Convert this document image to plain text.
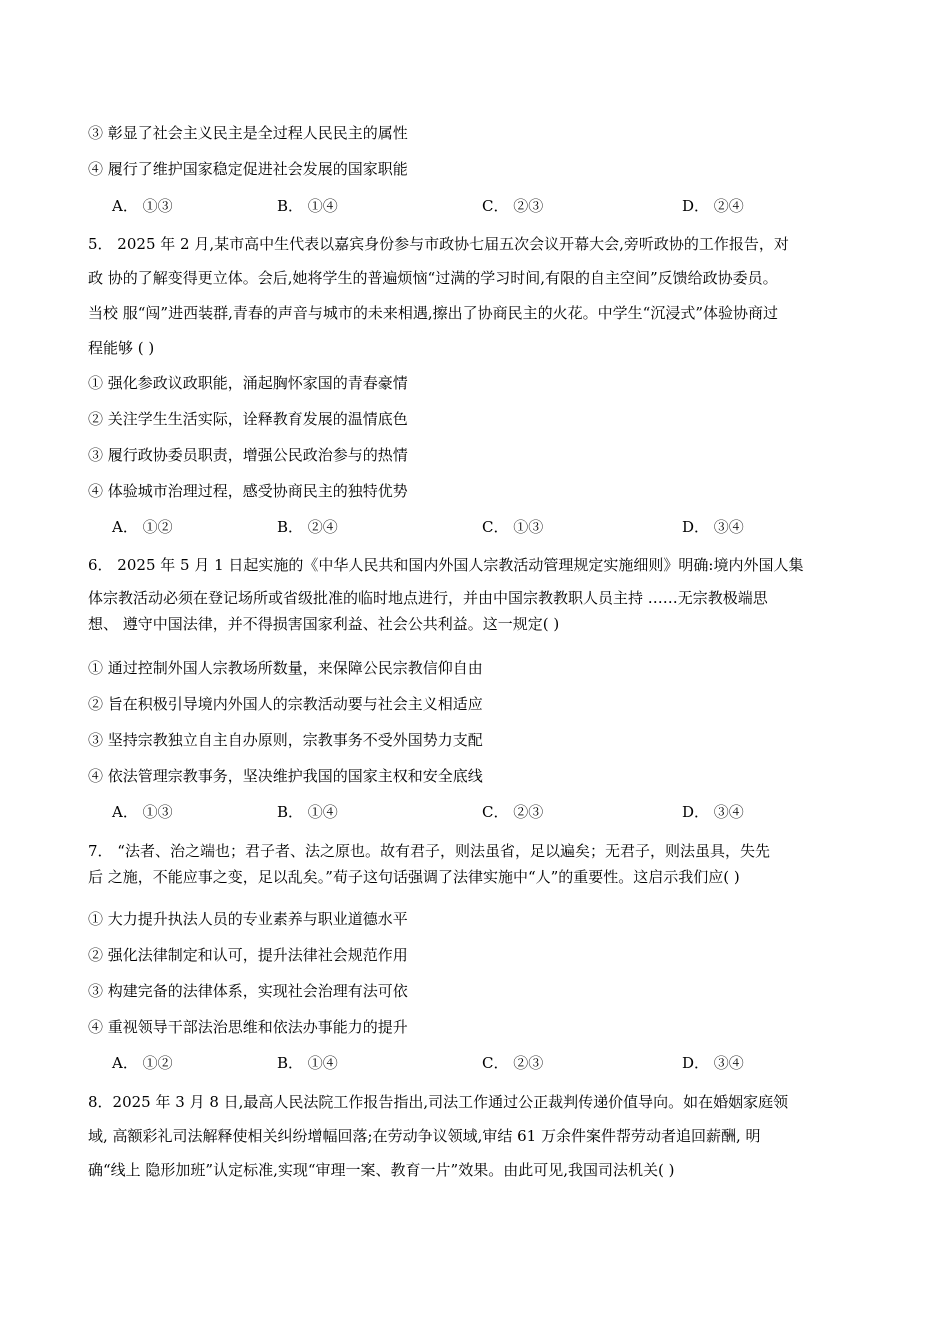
③ 彰显了社会主义民主是全过程人民民主的属性
④ 履行了维护国家稳定促进社会发展的国家职能
A． ①③	B． ①④	C． ②③	D． ②④
5． 2025 年 2 月,某市高中生代表以嘉宾身份参与市政协七届五次会议开幕大会,旁听政协的工作报告，对
政 协的了解变得更立体。会后,她将学生的普遍烦恼“过满的学习时间,有限的自主空间”反馈给政协委员。
当校 服“闯”进西装群,青春的声音与城市的未来相遇,擦出了协商民主的火花。中学生“沉浸式”体验协商过
程能够 ( )
① 强化参政议政职能，涌起胸怀家国的青春豪情
② 关注学生生活实际，诠释教育发展的温情底色
③ 履行政协委员职责，增强公民政治参与的热情
④ 体验城市治理过程，感受协商民主的独特优势
A． ①②	B． ②④	C． ①③	D． ③④
6． 2025 年 5 月 1 日起实施的《中华人民共和国内外国人宗教活动管理规定实施细则》明确:境内外国人集
体宗教活动必须在登记场所或省级批准的临时地点进行，并由中国宗教教职人员主持 ……无宗教极端思
想、 遵守中国法律，并不得损害国家利益、社会公共利益。这一规定( )
① 通过控制外国人宗教场所数量，来保障公民宗教信仰自由
② 旨在积极引导境内外国人的宗教活动要与社会主义相适应
③ 坚持宗教独立自主自办原则，宗教事务不受外国势力支配
④ 依法管理宗教事务，坚决维护我国的国家主权和安全底线
A． ①③	B． ①④	C． ②③	D． ③④
7． “法者、治之端也；君子者、法之原也。故有君子，则法虽省，足以遍矣；无君子，则法虽具，失先
后 之施，不能应事之变，足以乱矣。”荀子这句话强调了法律实施中“人”的重要性。这启示我们应( )
① 大力提升执法人员的专业素养与职业道德水平
② 强化法律制定和认可，提升法律社会规范作用
③ 构建完备的法律体系，实现社会治理有法可依
④ 重视领导干部法治思维和依法办事能力的提升
A． ①②	B． ①④	C． ②③	D． ③④
8．2025 年 3 月 8 日,最高人民法院工作报告指出,司法工作通过公正裁判传递价值导向。如在婚姻家庭领
域, 高额彩礼司法解释使相关纠纷增幅回落;在劳动争议领域,审结 61 万余件案件帮劳动者追回薪酬, 明
确“线上 隐形加班”认定标准,实现“审理一案、教育一片”效果。由此可见,我国司法机关( )
